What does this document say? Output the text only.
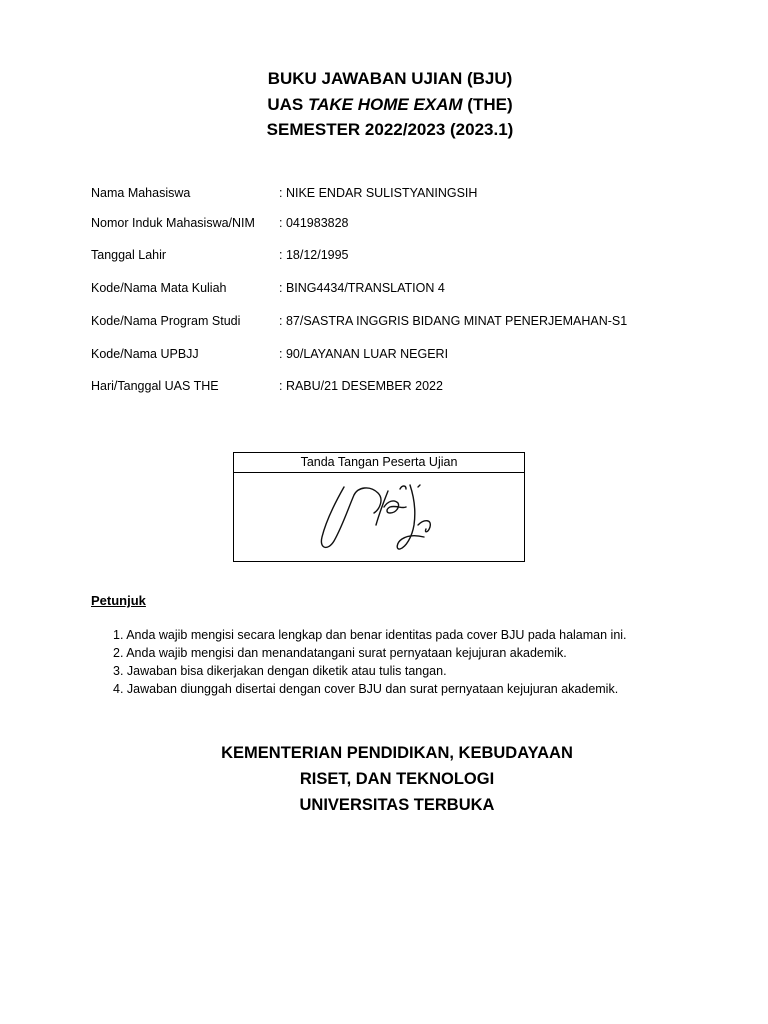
BUKU JAWABAN UJIAN (BJU)
UAS TAKE HOME EXAM (THE)
SEMESTER 2022/2023 (2023.1)
Nama Mahasiswa	: NIKE ENDAR SULISTYANINGSIH
Nomor Induk Mahasiswa/NIM : 041983828
Tanggal Lahir	: 18/12/1995
Kode/Nama Mata Kuliah	: BING4434/TRANSLATION 4
Kode/Nama Program Studi	: 87/SASTRA INGGRIS BIDANG MINAT PENERJEMAHAN-S1
Kode/Nama UPBJJ	: 90/LAYANAN LUAR NEGERI
Hari/Tanggal UAS THE	: RABU/21 DESEMBER 2022
Tanda Tangan Peserta Ujian
Petunjuk
1. Anda wajib mengisi secara lengkap dan benar identitas pada cover BJU pada halaman ini.
2. Anda wajib mengisi dan menandatangani surat pernyataan kejujuran akademik.
3. Jawaban bisa dikerjakan dengan diketik atau tulis tangan.
4. Jawaban diunggah disertai dengan cover BJU dan surat pernyataan kejujuran akademik.
KEMENTERIAN PENDIDIKAN, KEBUDAYAAN
RISET, DAN TEKNOLOGI
UNIVERSITAS TERBUKA
